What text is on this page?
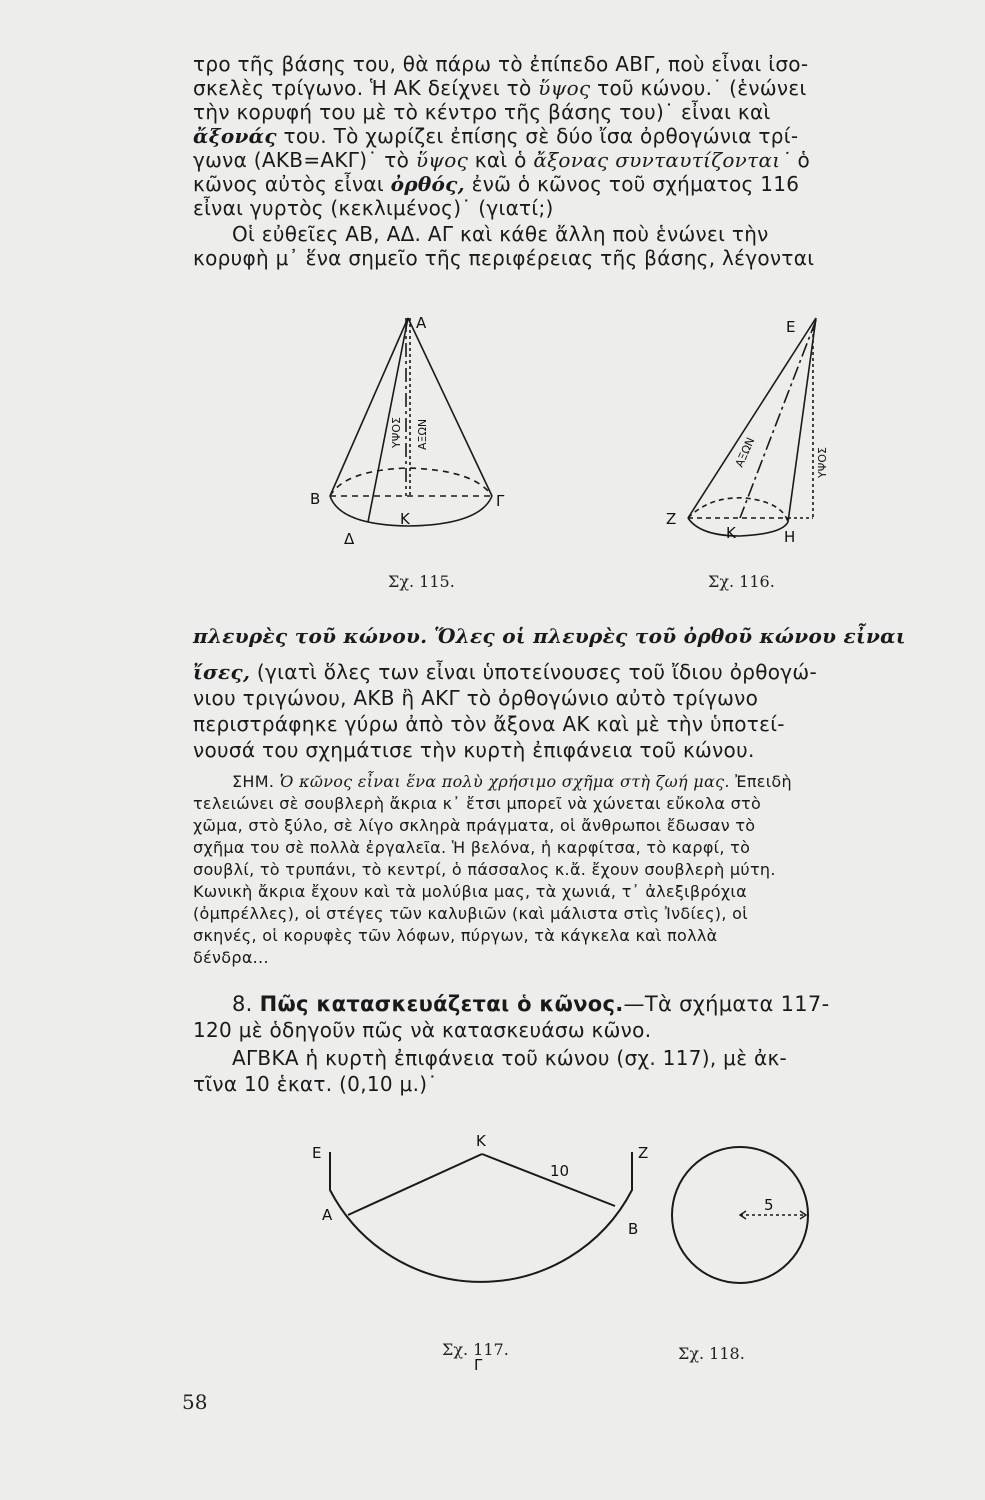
τρο τῆς βάσης του, θὰ πάρω τὸ ἐπίπεδο ΑΒΓ, ποὺ εἶναι ἰσο-
σκελὲς τρίγωνο. Ἡ ΑΚ δείχνει τὸ ὕψος τοῦ κώνου.˙ (ἑνώνει
τὴν κορυφή του μὲ τὸ κέντρο τῆς βάσης του)˙ εἶναι καὶ
ἄξονάς του. Τὸ χωρίζει ἐπίσης σὲ δύο ἴσα ὀρθογώνια τρί-
γωνα (ΑΚΒ=ΑΚΓ)˙ τὸ ὕψος καὶ ὁ ἄξονας συνταυτίζονται˙ ὁ
κῶνος αὐτὸς εἶναι ὀρθός, ἐνῶ ὁ κῶνος τοῦ σχήματος 116
εἶναι γυρτὸς (κεκλιμένος)˙ (γιατί;)
Οἱ εὐθεῖες ΑΒ, ΑΔ. ΑΓ καὶ κάθε ἄλλη ποὺ ἑνώνει τὴν
κορυφὴ μ᾽ ἕνα σημεῖο τῆς περιφέρειας τῆς βάσης, λέγονται
Α
Β	Γ
Κ
Δ
ΥΨΟΣ ΑΞΩΝ
Σχ. 115.
Ε
Ζ
Κ	Η
ΑΞΩΝ	ΥΨΟΣ
Σχ. 116.
πλευρὲς τοῦ κώνου. Ὅλες οἱ πλευρὲς τοῦ ὀρθοῦ κώνου εἶναι
ἴσες, (γιατὶ ὅλες των εἶναι ὑποτείνουσες τοῦ ἴδιου ὀρθογώ-
νιου τριγώνου, ΑΚΒ ἢ ΑΚΓ τὸ ὀρθογώνιο αὐτὸ τρίγωνο
περιστράφηκε γύρω ἀπὸ τὸν ἄξονα ΑΚ καὶ μὲ τὴν ὑποτεί-
νουσά του σχημάτισε τὴν κυρτὴ ἐπιφάνεια τοῦ κώνου.
ΣΗΜ. Ὁ κῶνος εἶναι ἕνα πολὺ χρήσιμο σχῆμα στὴ ζωή μας. Ἐπειδὴ
τελειώνει σὲ σουβλερὴ ἄκρια κ᾽ ἔτσι μπορεῖ νὰ χώνεται εὔκολα στὸ
χῶμα, στὸ ξύλο, σὲ λίγο σκληρὰ πράγματα, οἱ ἄνθρωποι ἔδωσαν τὸ
σχῆμα του σὲ πολλὰ ἐργαλεῖα. Ἡ βελόνα, ἡ καρφίτσα, τὸ καρφί, τὸ
σουβλί, τὸ τρυπάνι, τὸ κεντρί, ὁ πάσσαλος κ.ἄ. ἔχουν σουβλερὴ μύτη.
Κωνικὴ ἄκρια ἔχουν καὶ τὰ μολύβια μας, τὰ χωνιά, τ᾽ ἀλεξιβρόχια
(ὀμπρέλλες), οἱ στέγες τῶν καλυβιῶν (καὶ μάλιστα στὶς Ἰνδίες), οἱ
σκηνές, οἱ κορυφὲς τῶν λόφων, πύργων, τὰ κάγκελα καὶ πολλὰ
δένδρα...
8. Πῶς κατασκευάζεται ὁ κῶνος.—Τὰ σχήματα 117-
120 μὲ ὁδηγοῦν πῶς νὰ κατασκευάσω κῶνο.
ΑΓΒΚΑ ἡ κυρτὴ ἐπιφάνεια τοῦ κώνου (σχ. 117), μὲ ἀκ-
τῖνα 10 ἑκατ. (0,10 μ.)˙
Ε
Κ
Ζ
Α
Β
Γ
10
Σχ. 117.
5
Σχ. 118.
58
